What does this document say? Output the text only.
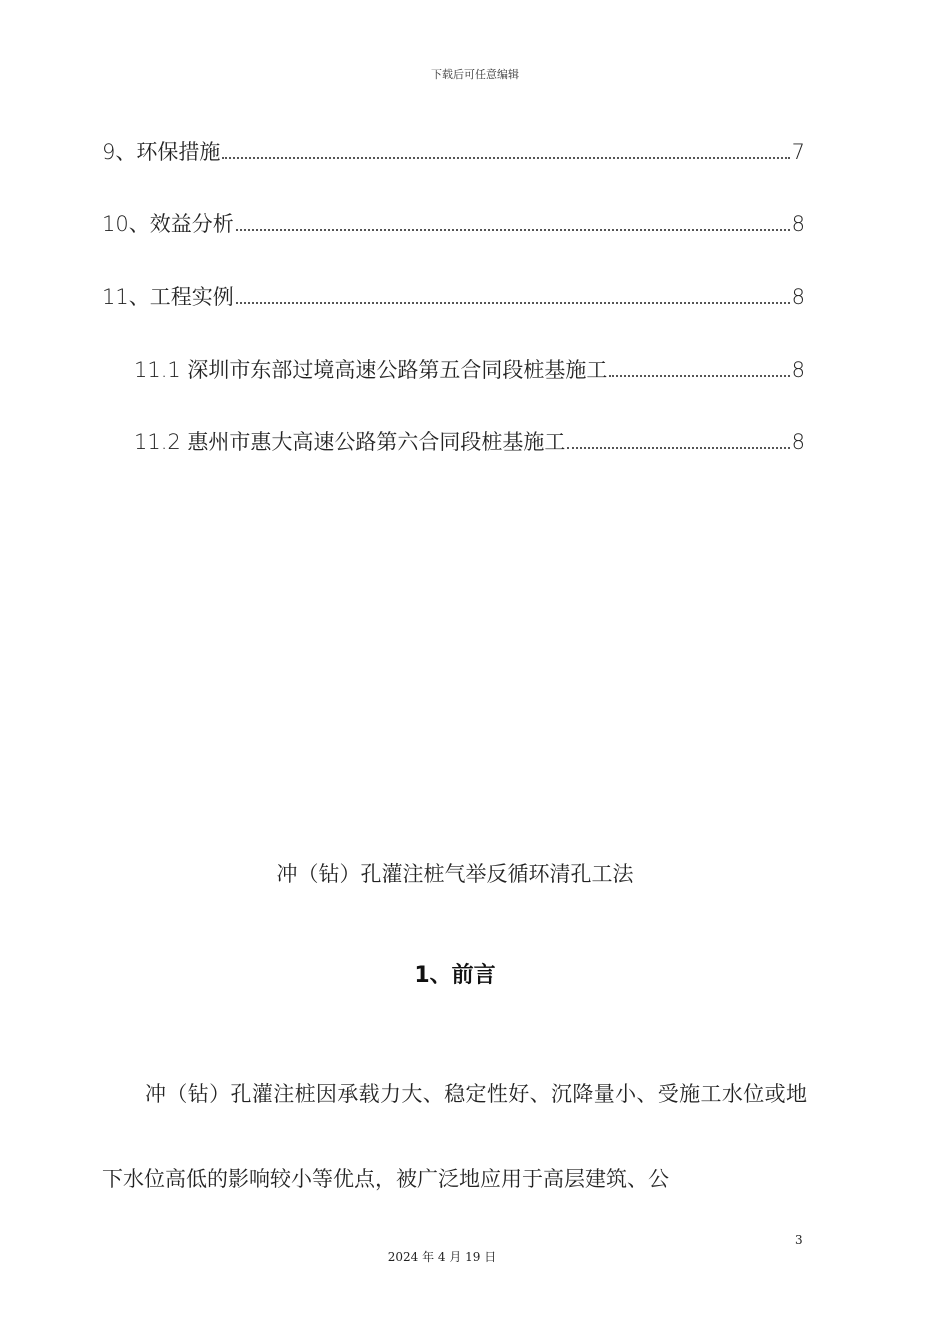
下载后可任意编辑
9、环保措施	7
10、效益分析	8
11、工程实例	8
11.1 深圳市东部过境高速公路第五合同段桩基施工	8
11.2 惠州市惠大高速公路第六合同段桩基施工	8
冲（钻）孔灌注桩气举反循环清孔工法
1、前言

冲（钻）孔灌注桩因承载力大、稳定性好、沉降量小、受施工水位或地下水位高低的影响较小等优点，被广泛地应用于高层建筑、公

3
2024 年 4 月 19 日
